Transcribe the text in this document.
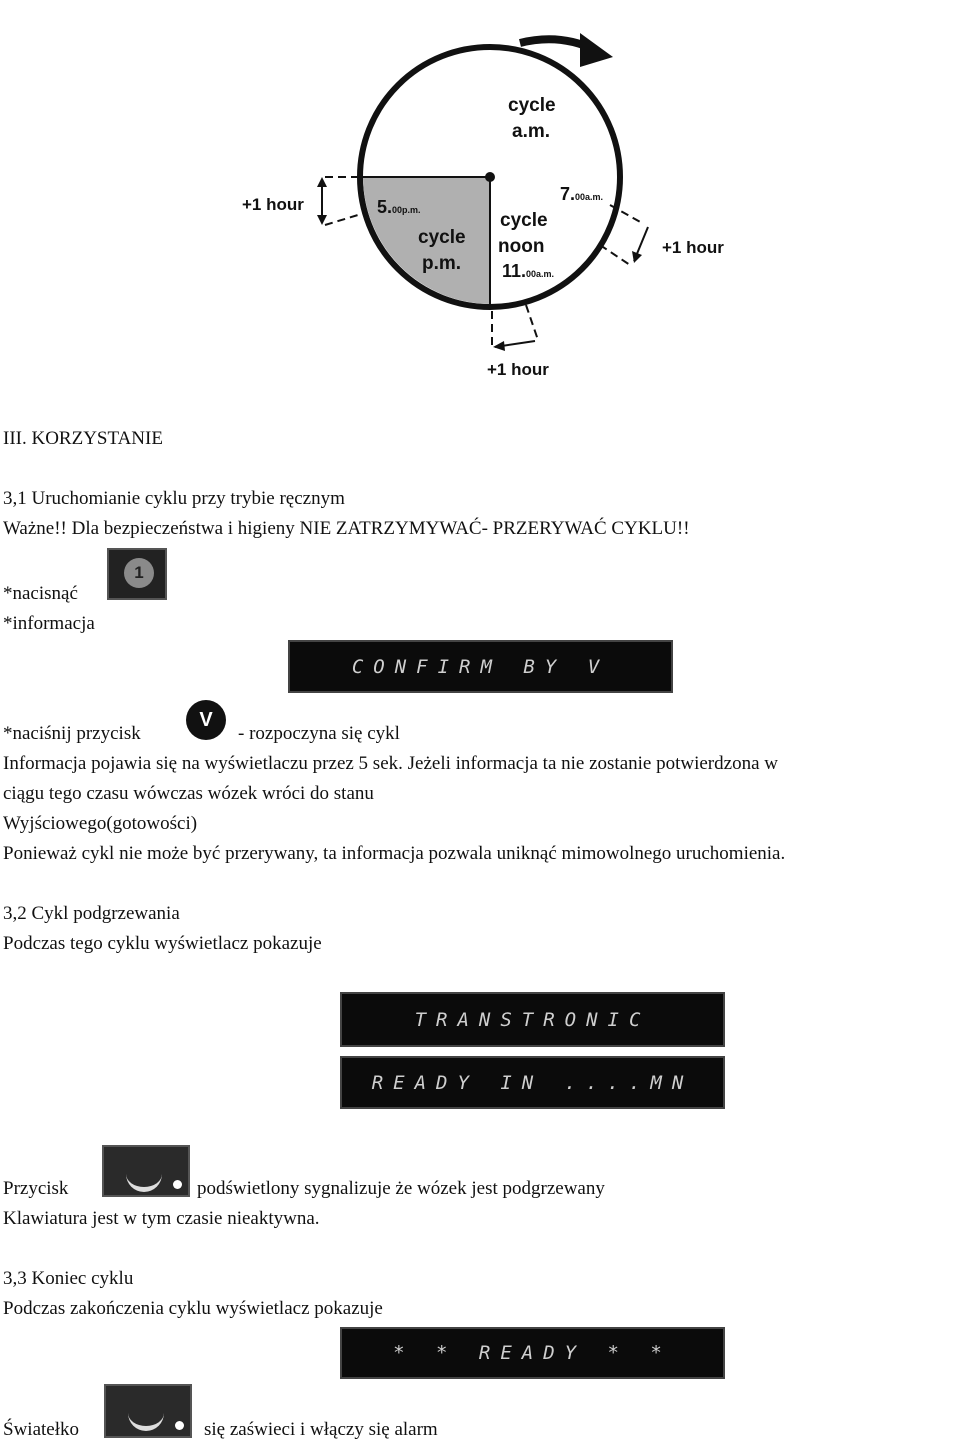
cycle
a.m.
5.00p.m.
cycle
p.m.
cycle
noon
11.00a.m.
7.00a.m.
+1 hour
+1 hour
+1 hour
III. KORZYSTANIE
3,1 Uruchomianie cyklu przy trybie ręcznym
Ważne!! Dla bezpieczeństwa i higieny NIE ZATRZYMYWAĆ- PRZERYWAĆ CYKLU!!
*nacisnąć
1
*informacja
CONFIRM BY V
*naciśnij przycisk
V
- rozpoczyna się cykl
Informacja pojawia się na wyświetlaczu przez 5 sek. Jeżeli informacja ta nie zostanie potwierdzona w
ciągu tego czasu wówczas wózek wróci do stanu
Wyjściowego(gotowości)
Ponieważ cykl nie może być przerywany, ta informacja pozwala uniknąć mimowolnego uruchomienia.
3,2 Cykl podgrzewania
Podczas tego cyklu wyświetlacz pokazuje
TRANSTRONIC
READY IN ....MN
Przycisk	podświetlony sygnalizuje że wózek jest podgrzewany
Klawiatura jest w tym czasie nieaktywna.
3,3 Koniec cyklu
Podczas zakończenia cyklu wyświetlacz pokazuje
* * READY * *
Światełko	się zaświeci i włączy się alarm
